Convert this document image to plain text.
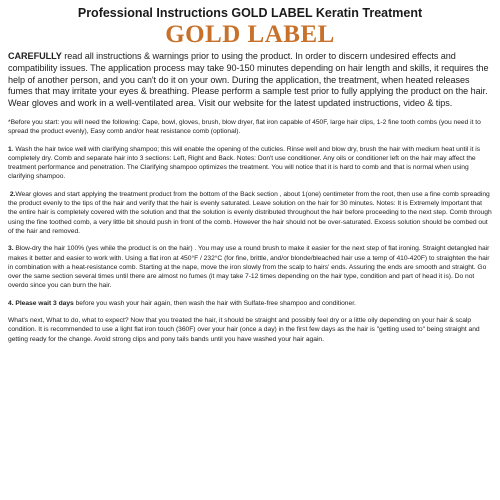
Professional Instructions GOLD LABEL Keratin Treatment
GOLD LABEL

CAREFULLY read all instructions & warnings prior to using the product. In order to discern undesired effects and compatibility issues. The application process may take 90-150 minutes depending on hair length and skills, it requires the help of another person, and you can't do it on your own. During the application, the treatment, when heated releases fumes that may irritate your eyes & breathing. Please perform a sample test prior to fully applying the product on the hair. Wear gloves and work in a well-ventilated area. Visit our website for the latest updated instructions, video & tips.

*Before you start: you will need the following: Cape, bowl, gloves, brush, blow dryer, flat iron capable of 450F, large hair clips, 1-2 fine tooth combs (you need it to spread the product evenly), Easy comb and/or heat resistance comb (optional).

1. Wash the hair twice well with clarifying shampoo; this will enable the opening of the cuticles. Rinse well and blow dry, brush the hair with medium heat until it is completely dry. Comb and separate hair into 3 sections: Left, Right and Back. Notes: Don't use conditioner. Any oils or conditioner left on the hair may affect the treatment performance and penetration. The Clarifying shampoo optimizes the treatment. You will notice that it is hard to comb and that is normal when using clarifying shampoo.

2.Wear gloves and start applying the treatment product from the bottom of the Back section , about 1(one) centimeter from the root, then use a fine comb spreading the product evenly to the tips of the hair and verify that the hair is evenly saturated. Leave solution on the hair for 30 minutes. Notes: It is Extremely Important that the entire hair is completely covered with the solution and that the solution is evenly distributed throughout the hair before proceeding to the next step. Comb through using the fine toothed comb, a very little bit should push in front of the comb. However the hair should not be over-saturated. Excess solution should be combed out of the hair and removed.

3. Blow-dry the hair 100% (yes while the product is on the hair) . You may use a round brush to make it easier for the next step of flat ironing. Straight detangled hair makes it better and easier to work with. Using a flat iron at 450°F / 232°C (for fine, brittle, and/or blonde/bleached hair use a temp of 410-420F) to straighten the hair in combination with a heat-resistance comb. Starting at the nape, move the iron slowly from the scalp to hairs' ends. Assuring the ends are smooth and straight. Go over the same section several times until there are almost no fumes (it may take 7-12 times depending on the hair type, condition and part of head it is). Do not overdo since you can burn the hair.

4. Please wait 3 days before you wash your hair again, then wash the hair with Sulfate-free shampoo and conditioner.

What's next, What to do, what to expect? Now that you treated the hair, it should be straight and possibly feel dry or a little oily depending on your hair & scalp condition. It is recommended to use a light flat iron touch (360F) over your hair (once a day) in the first few days as the hair is "getting used to" being straight and getting ready for the change. Avoid strong clips and pony tails bands until you have washed your hair again.
